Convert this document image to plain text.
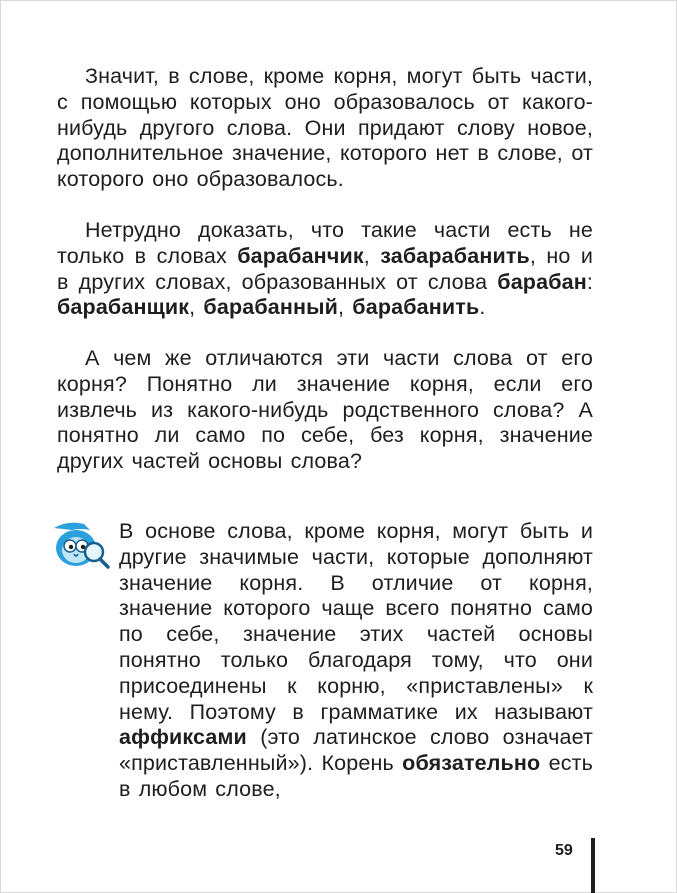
Значит, в слове, кроме корня, могут быть части, с помощью которых оно образовалось от какого-нибудь другого слова. Они придают слову новое, дополнительное значение, которого нет в слове, от которого оно образовалось.

Нетрудно доказать, что такие части есть не только в словах барабанчик, забарабанить, но и в других словах, образованных от слова барабан: барабанщик, барабанный, барабанить.

А чем же отличаются эти части слова от его корня? Понятно ли значение корня, если его извлечь из какого-нибудь родственного слова? А понятно ли само по себе, без корня, значение других частей основы слова?

В основе слова, кроме корня, могут быть и другие значимые части, которые дополняют значение корня. В отличие от корня, значение которого чаще всего понятно само по себе, значение этих частей основы понятно только благодаря тому, что они присоединены к корню, «приставлены» к нему. Поэтому в грамматике их называют аффиксами (это латинское слово означает «приставленный»). Корень обязательно есть в любом слове,

59
